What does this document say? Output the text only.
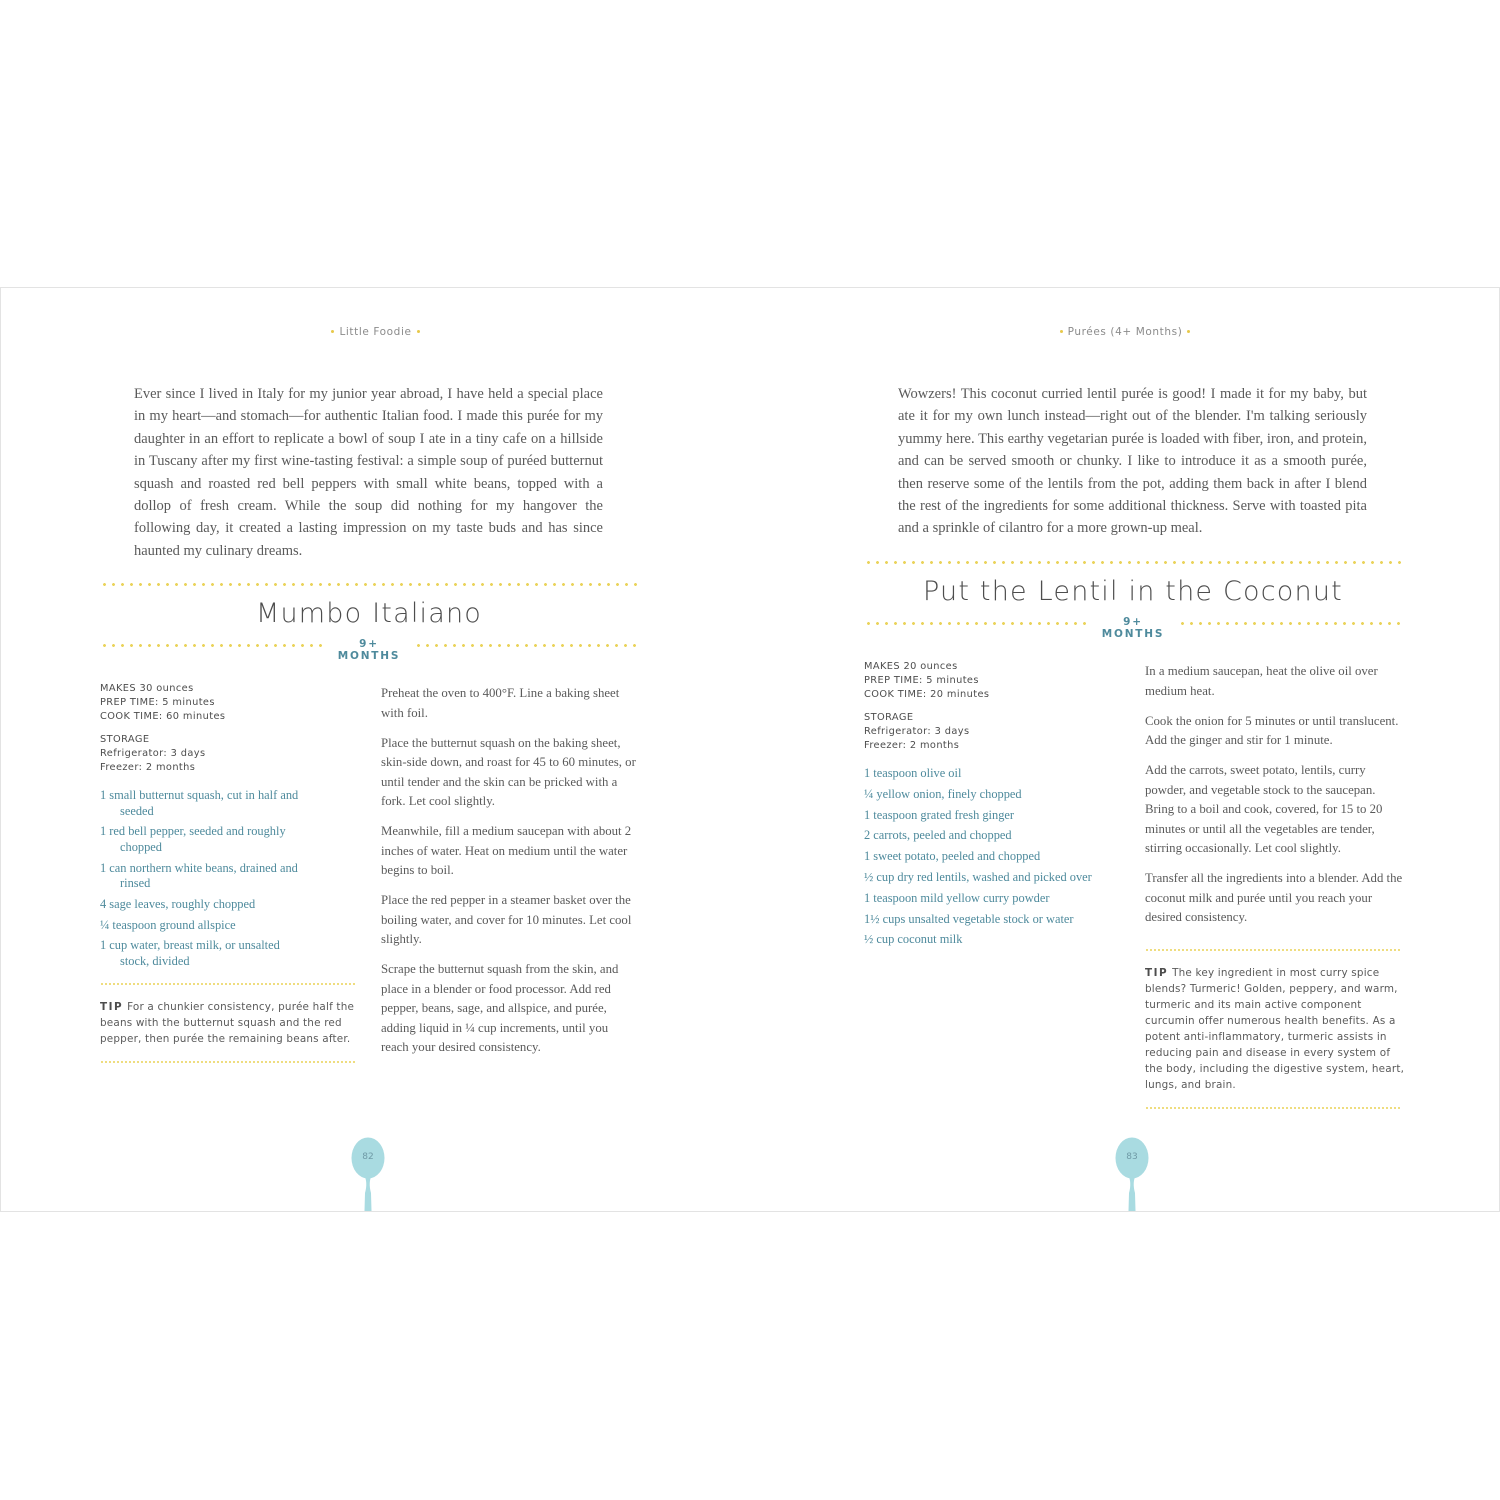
Little Foodie
Ever since I lived in Italy for my junior year abroad, I have held a special place in my heart—and stomach—for authentic Italian food. I made this purée for my daughter in an effort to replicate a bowl of soup I ate in a tiny cafe on a hillside in Tuscany after my first wine-tasting festival: a simple soup of puréed butternut squash and roasted red bell peppers with small white beans, topped with a dollop of fresh cream. While the soup did nothing for my hangover the following day, it created a lasting impression on my taste buds and has since haunted my culinary dreams.
Mumbo Italiano
9+ MONTHS

MAKES 30 ounces

PREP TIME: 5 minutes

COOK TIME: 60 minutes

STORAGE

Refrigerator: 3 days

Freezer: 2 months

1 small butternut squash, cut in half and seeded
1 red bell pepper, seeded and roughly chopped
1 can northern white beans, drained and rinsed
4 sage leaves, roughly chopped
¼ teaspoon ground allspice
1 cup water, breast milk, or unsalted stock, divided
TIP For a chunkier consistency, purée half the beans with the butternut squash and the red pepper, then purée the remaining beans after.

Preheat the oven to 400°F. Line a baking sheet with foil.

Place the butternut squash on the baking sheet, skin-side down, and roast for 45 to 60 minutes, or until tender and the skin can be pricked with a fork. Let cool slightly.

Meanwhile, fill a medium saucepan with about 2 inches of water. Heat on medium until the water begins to boil.

Place the red pepper in a steamer basket over the boiling water, and cover for 10 minutes. Let cool slightly.

Scrape the butternut squash from the skin, and place in a blender or food processor. Add red pepper, beans, sage, and allspice, and purée, adding liquid in ¼ cup increments, until you reach your desired consistency.

82
Purées (4+ Months)
Wowzers! This coconut curried lentil purée is good! I made it for my baby, but ate it for my own lunch instead—right out of the blender. I'm talking seriously yummy here. This earthy vegetarian purée is loaded with fiber, iron, and protein, and can be served smooth or chunky. I like to introduce it as a smooth purée, then reserve some of the lentils from the pot, adding them back in after I blend the rest of the ingredients for some additional thickness. Serve with toasted pita and a sprinkle of cilantro for a more grown-up meal.
Put the Lentil in the Coconut
9+ MONTHS

MAKES 20 ounces

PREP TIME: 5 minutes

COOK TIME: 20 minutes

STORAGE

Refrigerator: 3 days

Freezer: 2 months

1 teaspoon olive oil
¼ yellow onion, finely chopped
1 teaspoon grated fresh ginger
2 carrots, peeled and chopped
1 sweet potato, peeled and chopped
½ cup dry red lentils, washed and picked over
1 teaspoon mild yellow curry powder
1½ cups unsalted vegetable stock or water
½ cup coconut milk

In a medium saucepan, heat the olive oil over medium heat.

Cook the onion for 5 minutes or until translucent. Add the ginger and stir for 1 minute.

Add the carrots, sweet potato, lentils, curry powder, and vegetable stock to the saucepan. Bring to a boil and cook, covered, for 15 to 20 minutes or until all the vegetables are tender, stirring occasionally. Let cool slightly.

Transfer all the ingredients into a blender. Add the coconut milk and purée until you reach your desired consistency.

TIP The key ingredient in most curry spice blends? Turmeric! Golden, peppery, and warm, turmeric and its main active component curcumin offer numerous health benefits. As a potent anti-inflammatory, turmeric assists in reducing pain and disease in every system of the body, including the digestive system, heart, lungs, and brain.
83
